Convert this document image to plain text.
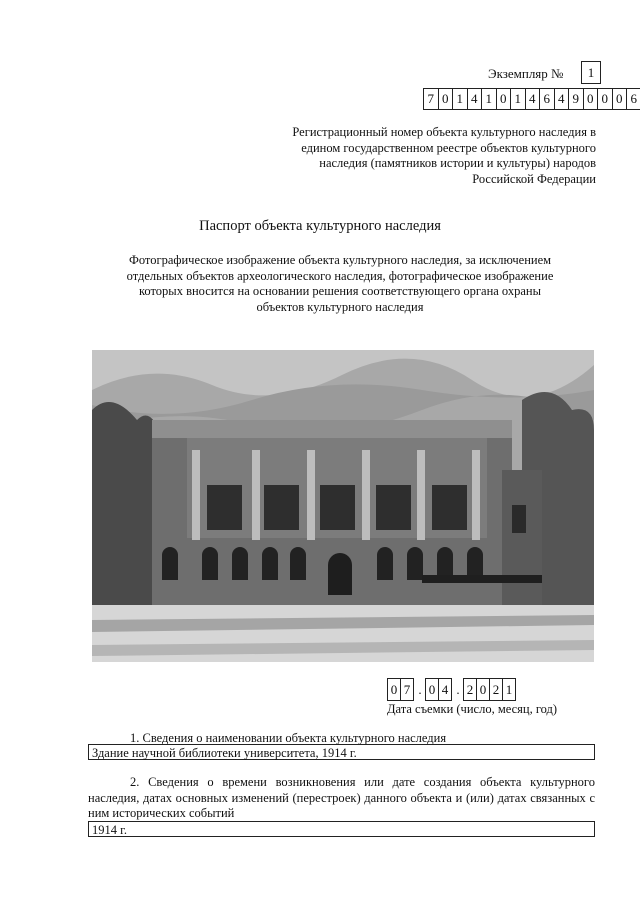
Экземпляр №	1
7 0 1 4 1 0 1 4 6 4 9 0 0 0 6
Регистрационный номер объекта культурного наследия в едином государственном реестре объектов культурного наследия (памятников истории и культуры) народов Российской Федерации
Паспорт объекта культурного наследия
Фотографическое изображение объекта культурного наследия, за исключением отдельных объектов археологического наследия, фотографическое изображение которых вносится на основании решения соответствующего органа охраны объектов культурного наследия
0 7 . 0 4 . 2 0 2 1
Дата съемки (число, месяц, год)
1. Сведения о наименовании объекта культурного наследия
Здание научной библиотеки университета, 1914 г.
2. Сведения о времени возникновения или дате создания объекта культурного наследия, датах основных изменений (перестроек) данного объекта и (или) датах связанных с ним исторических событий
1914 г.
